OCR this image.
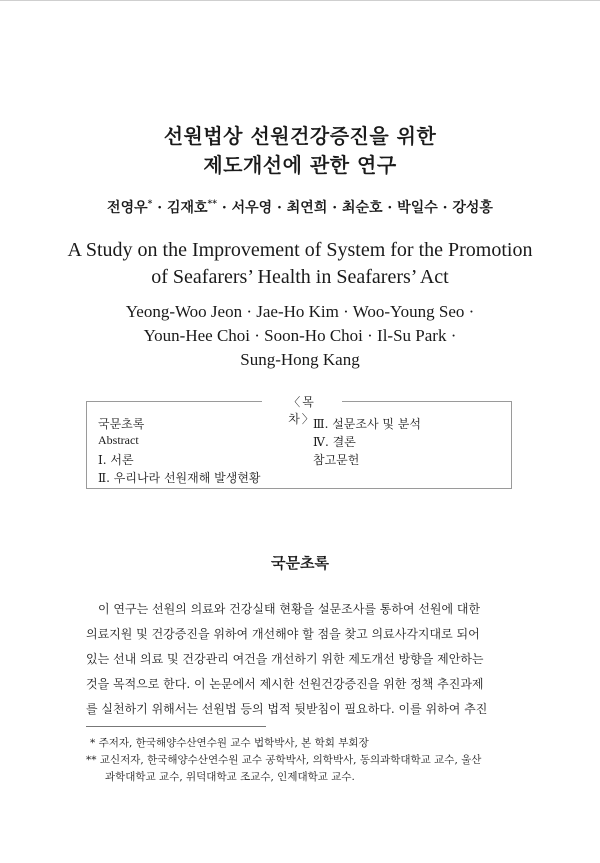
선원법상 선원건강증진을 위한
제도개선에 관한 연구
전영우* · 김재호** · 서우영 · 최연희 · 최순호 · 박일수 · 강성홍
A Study on the Improvement of System for the Promotion
of Seafarers’ Health in Seafarers’ Act
Yeong-Woo Jeon · Jae-Ho Kim · Woo-Young Seo ·
Youn-Hee Choi · Soon-Ho Choi · Il-Su Park ·
Sung-Hong Kang
〈목　　차〉
국문초록
Abstract
Ⅰ. 서론
Ⅱ. 우리나라 선원재해 발생현황
Ⅲ. 설문조사 및 분석
Ⅳ. 결론
참고문헌
국문초록
　이 연구는 선원의 의료와 건강실태 현황을 설문조사를 통하여 선원에 대한
의료지원 및 건강증진을 위하여 개선해야 할 점을 찾고 의료사각지대로 되어
있는 선내 의료 및 건강관리 여건을 개선하기 위한 제도개선 방향을 제안하는
것을 목적으로 한다. 이 논문에서 제시한 선원건강증진을 위한 정책 추진과제
를 실천하기 위해서는 선원법 등의 법적 뒷받침이 필요하다. 이를 위하여 추진
* 주저자, 한국해양수산연수원 교수 법학박사, 본 학회 부회장
** 교신저자, 한국해양수산연수원 교수 공학박사, 의학박사, 동의과학대학교 교수, 울산
과학대학교 교수, 위덕대학교 조교수, 인제대학교 교수.
